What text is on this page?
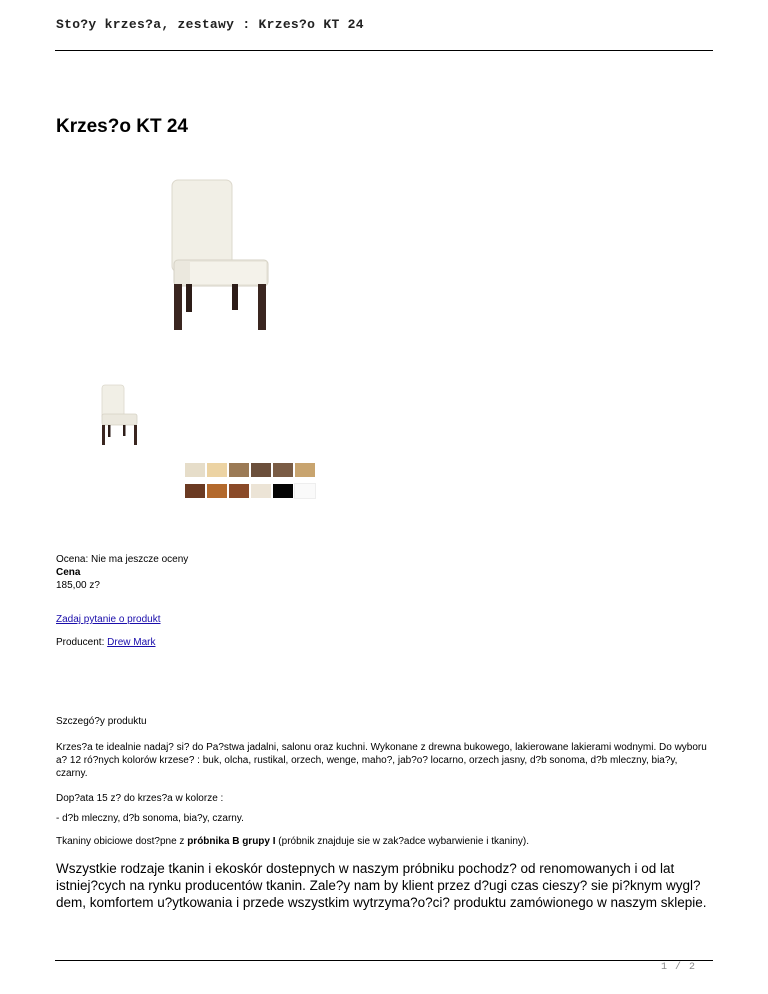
Sto?y krzes?a, zestawy : Krzes?o KT 24
Krzes?o KT 24
Ocena: Nie ma jeszcze oceny
Cena
185,00 z?
Zadaj pytanie o produkt
Producent: Drew Mark
Szczegó?y produktu
Krzes?a te idealnie nadaj? si? do Pa?stwa jadalni, salonu oraz kuchni. Wykonane z drewna bukowego, lakierowane lakierami wodnymi. Do wyboru a? 12 ró?nych kolorów krzese? : buk, olcha, rustikal, orzech, wenge, maho?, jab?o? locarno, orzech jasny, d?b sonoma, d?b mleczny, bia?y, czarny.
Dop?ata 15 z? do krzes?a w kolorze :
- d?b mleczny, d?b sonoma, bia?y, czarny.
Tkaniny obiciowe dost?pne z próbnika B grupy I (próbnik znajduje sie w zak?adce wybarwienie i tkaniny).
Wszystkie rodzaje tkanin i ekoskór dostepnych w naszym próbniku pochodz? od renomowanych i od lat istniej?cych na rynku producentów tkanin. Zale?y nam by klient przez d?ugi czas cieszy? sie pi?knym wygl?dem, komfortem u?ytkowania i przede wszystkim wytrzyma?o?ci? produktu zamówionego w naszym sklepie.
1 / 2
